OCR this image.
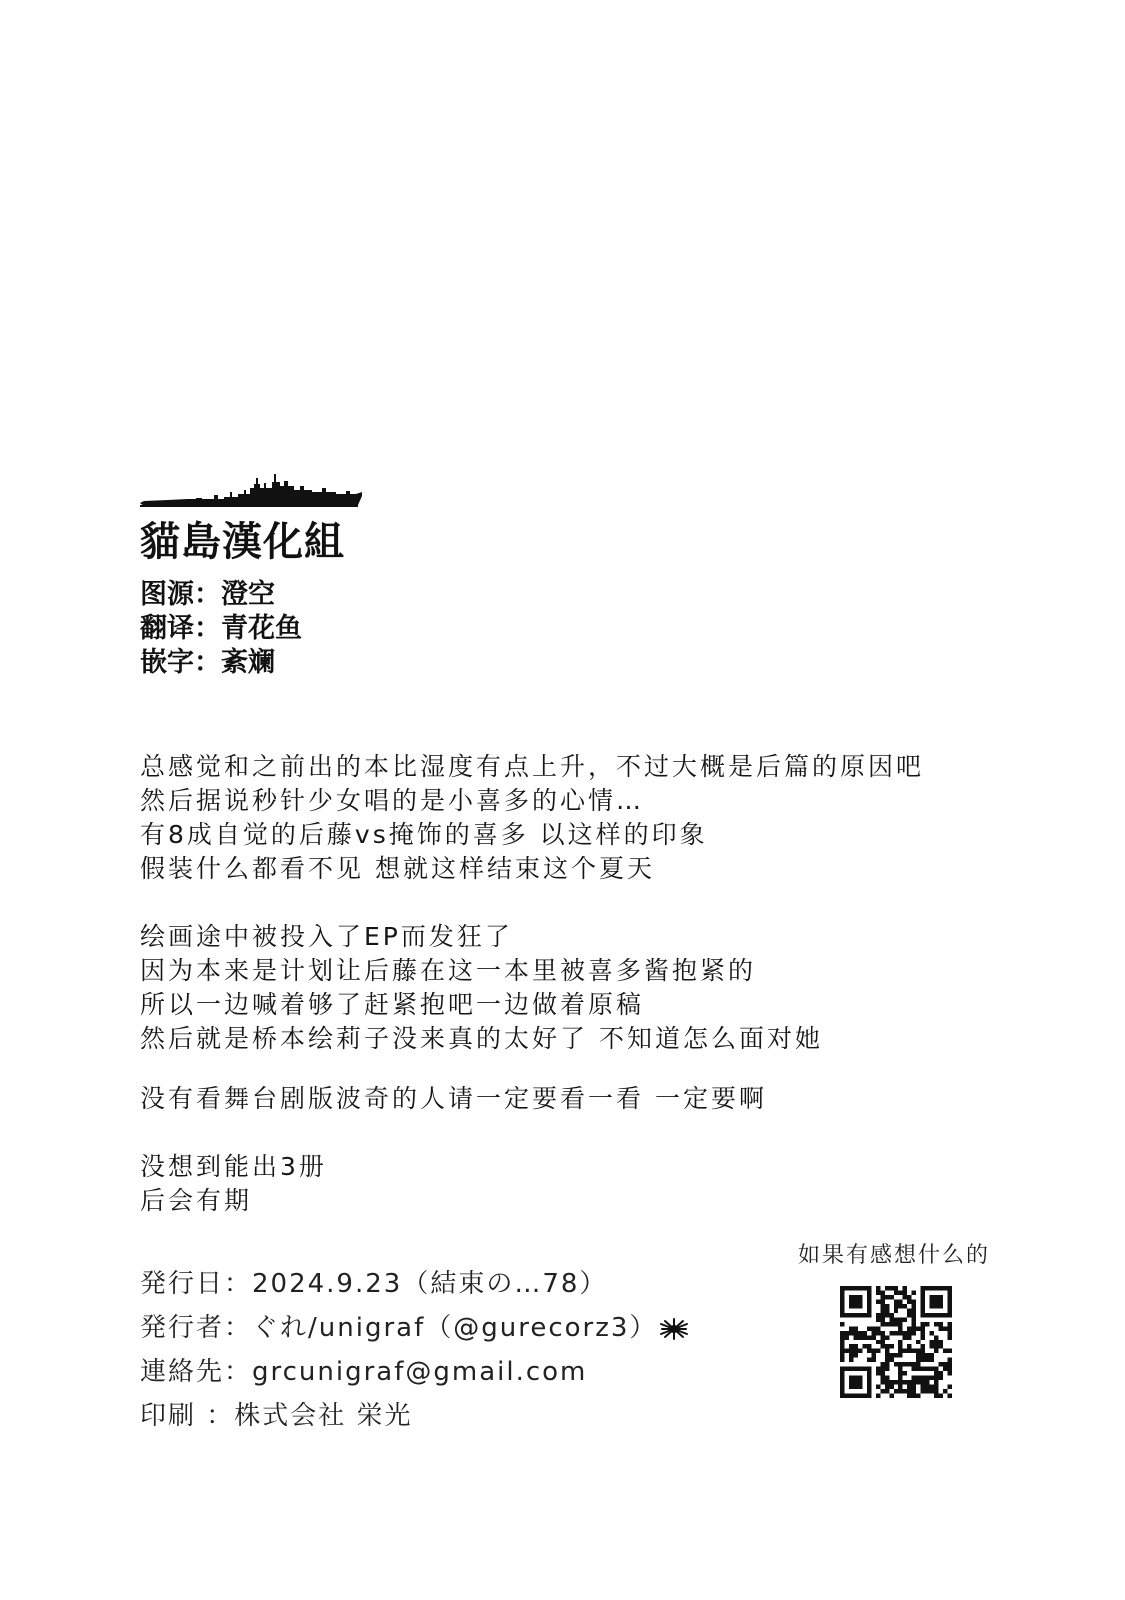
貓島漢化組
图源：澄空
翻译：青花鱼
嵌字：紊斓
总感觉和之前出的本比湿度有点上升，不过大概是后篇的原因吧
然后据说秒针少女唱的是小喜多的心情…
有8成自觉的后藤vs掩饰的喜多 以这样的印象
假装什么都看不见 想就这样结束这个夏天
绘画途中被投入了EP而发狂了
因为本来是计划让后藤在这一本里被喜多酱抱紧的
所以一边喊着够了赶紧抱吧一边做着原稿
然后就是桥本绘莉子没来真的太好了 不知道怎么面对她
没有看舞台剧版波奇的人请一定要看一看 一定要啊
没想到能出3册
后会有期
発行日：2024.9.23（結束の…78）
発行者：ぐれ/unigraf（@gurecorz3）
連絡先：grcunigraf@gmail.com
印刷 ：株式会社 栄光
如果有感想什么的
